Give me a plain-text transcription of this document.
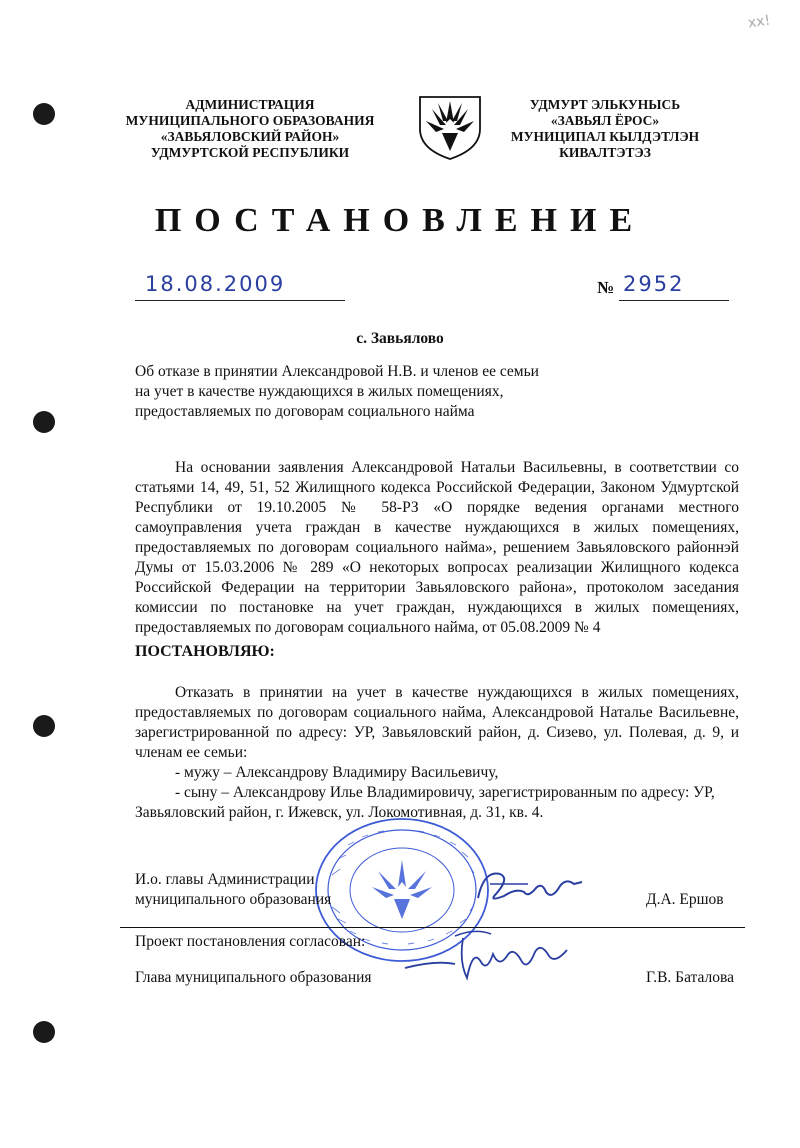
хх!
АДМИНИСТРАЦИЯ
МУНИЦИПАЛЬНОГО ОБРАЗОВАНИЯ
«ЗАВЬЯЛОВСКИЙ РАЙОН»
УДМУРТСКОЙ РЕСПУБЛИКИ
УДМУРТ ЭЛЬКУНЫСЬ
«ЗАВЬЯЛ ЁРОС»
МУНИЦИПАЛ КЫЛДЭТЛЭН
КИВАЛТЭТЭЗ
ПОСТАНОВЛЕНИЕ
18.08.2009	№ 2952
с. Завьялово

Об отказе в принятии Александровой Н.В. и членов ее семьи

на учет в качестве нуждающихся в жилых помещениях,

предоставляемых по договорам социального найма

На основании заявления Александровой Натальи Васильевны, в соответствии со статьями 14, 49, 51, 52 Жилищного кодекса Российской Федерации, Законом Удмуртской Республики от 19.10.2005 № 58-РЗ «О порядке ведения органами местного самоуправления учета граждан в качестве нуждающихся в жилых помещениях, предоставляемых по договорам социального найма», решением Завьяловского районнэй Думы от 15.03.2006 № 289 «О некоторых вопросах реализации Жилищного кодекса Российской Федерации на территории Завьяловского района», протоколом заседания комиссии по постановке на учет граждан, нуждающихся в жилых помещениях, предоставляемых по договорам социального найма, от 05.08.2009 № 4

ПОСТАНОВЛЯЮ:

Отказать в принятии на учет в качестве нуждающихся в жилых помещениях, предоставляемых по договорам социального найма, Александровой Наталье Васильевне, зарегистрированной по адресу: УР, Завьяловский район, д. Сизево, ул. Полевая, д. 9, и членам ее семьи:

- мужу – Александрову Владимиру Васильевичу,

- сыну – Александрову Илье Владимировичу, зарегистрированным по адресу: УР,

Завьяловский район, г. Ижевск, ул. Локомотивная, д. 31, кв. 4.

И.о. главы Администрации
муниципального образования	Д.А. Ершов
Проект постановления согласован:
Глава муниципального образования	Г.В. Баталова
